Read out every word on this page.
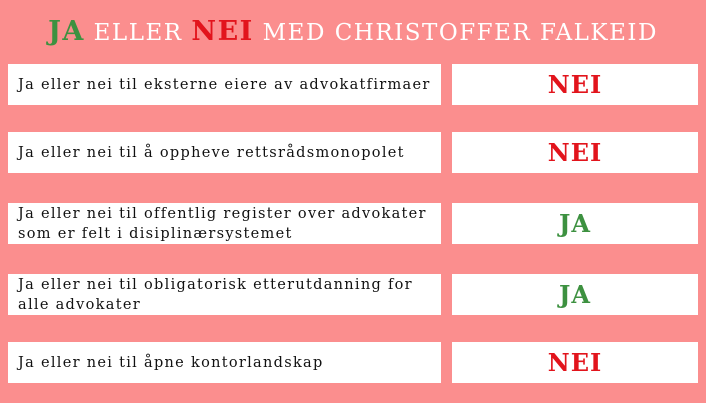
JA ELLER NEI MED CHRISTOFFER FALKEID
Ja eller nei til eksterne eiere av advokatfirmaer	NEI
Ja eller nei til å oppheve rettsrådsmonopolet	NEI
Ja eller nei til offentlig register over advokater som er felt i disiplinærsystemet	JA
Ja eller nei til obligatorisk etterutdanning for alle advokater	JA
Ja eller nei til åpne kontorlandskap	NEI
